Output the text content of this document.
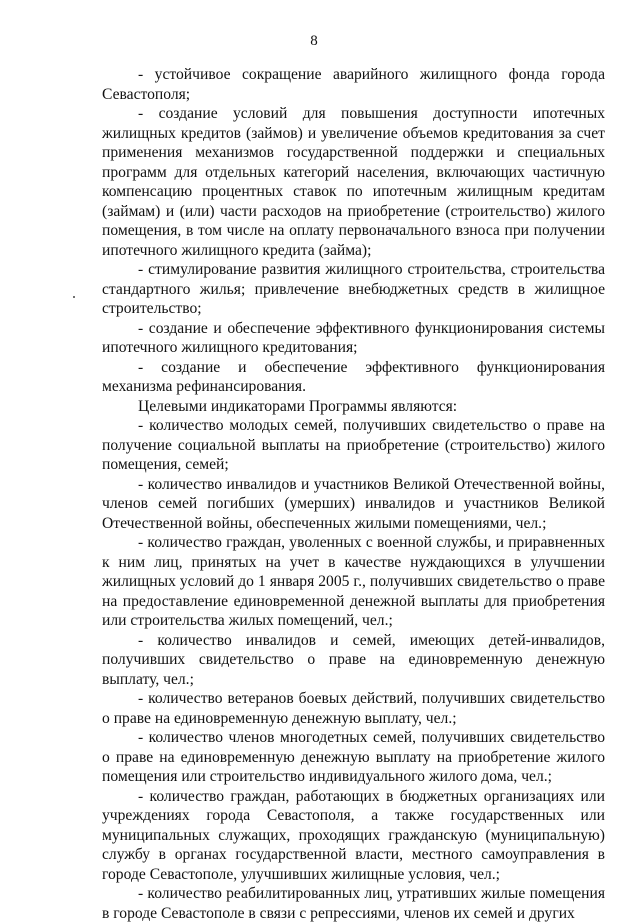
8

- устойчивое сокращение аварийного жилищного фонда города Севастополя;

- создание условий для повышения доступности ипотечных жилищных кредитов (займов) и увеличение объемов кредитования за счет применения механизмов государственной поддержки и специальных программ для отдельных категорий населения, включающих частичную компенсацию процентных ставок по ипотечным жилищным кредитам (займам) и (или) части расходов на приобретение (строительство) жилого помещения, в том числе на оплату первоначального взноса при получении ипотечного жилищного кредита (займа);

- стимулирование развития жилищного строительства, строительства стандартного жилья; привлечение внебюджетных средств в жилищное строительство;

- создание и обеспечение эффективного функционирования системы ипотечного жилищного кредитования;

- создание и обеспечение эффективного функционирования механизма рефинансирования.

Целевыми индикаторами Программы являются:

- количество молодых семей, получивших свидетельство о праве на получение социальной выплаты на приобретение (строительство) жилого помещения, семей;

- количество инвалидов и участников Великой Отечественной войны, членов семей погибших (умерших) инвалидов и участников Великой Отечественной войны, обеспеченных жилыми помещениями, чел.;

- количество граждан, уволенных с военной службы, и приравненных к ним лиц, принятых на учет в качестве нуждающихся в улучшении жилищных условий до 1 января 2005 г., получивших свидетельство о праве на предоставление единовременной денежной выплаты для приобретения или строительства жилых помещений, чел.;

- количество инвалидов и семей, имеющих детей-инвалидов, получивших свидетельство о праве на единовременную денежную выплату, чел.;

- количество ветеранов боевых действий, получивших свидетельство о праве на единовременную денежную выплату, чел.;

- количество членов многодетных семей, получивших свидетельство о праве на единовременную денежную выплату на приобретение жилого помещения или строительство индивидуального жилого дома, чел.;

- количество граждан, работающих в бюджетных организациях или учреждениях города Севастополя, а также государственных или муниципальных служащих, проходящих гражданскую (муниципальную) службу в органах государственной власти, местного самоуправления в городе Севастополе, улучшивших жилищные условия, чел.;

- количество реабилитированных лиц, утративших жилые помещения в городе Севастополе в связи с репрессиями, членов их семей и других
